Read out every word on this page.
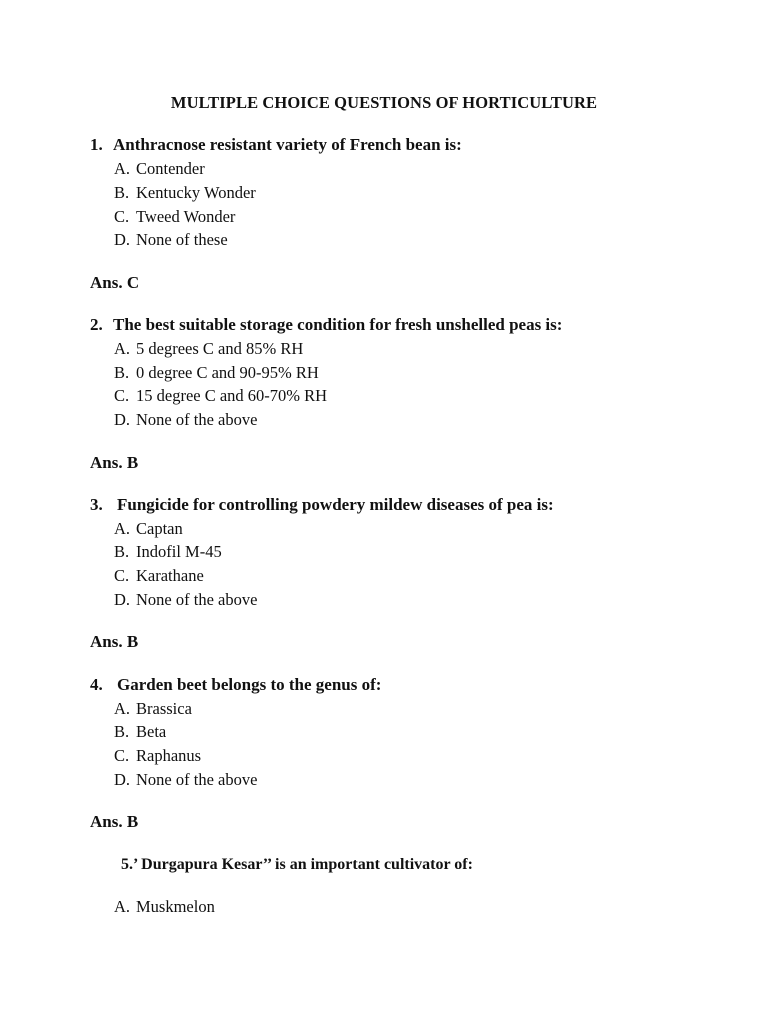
MULTIPLE CHOICE QUESTIONS OF HORTICULTURE
1. Anthracnose resistant variety of French bean is:
A. Contender
B. Kentucky Wonder
C. Tweed Wonder
D. None of these
Ans. C
2. The best suitable storage condition for fresh unshelled peas is:
A. 5 degrees C and 85% RH
B. 0 degree C and 90-95% RH
C. 15 degree C and 60-70% RH
D. None of the above
Ans. B
3. Fungicide for controlling powdery mildew diseases of pea is:
A. Captan
B. Indofil M-45
C. Karathane
D. None of the above
Ans. B
4. Garden beet belongs to the genus of:
A. Brassica
B. Beta
C. Raphanus
D. None of the above
Ans. B
5.’ Durgapura Kesar’’ is an important cultivator of:
A. Muskmelon
